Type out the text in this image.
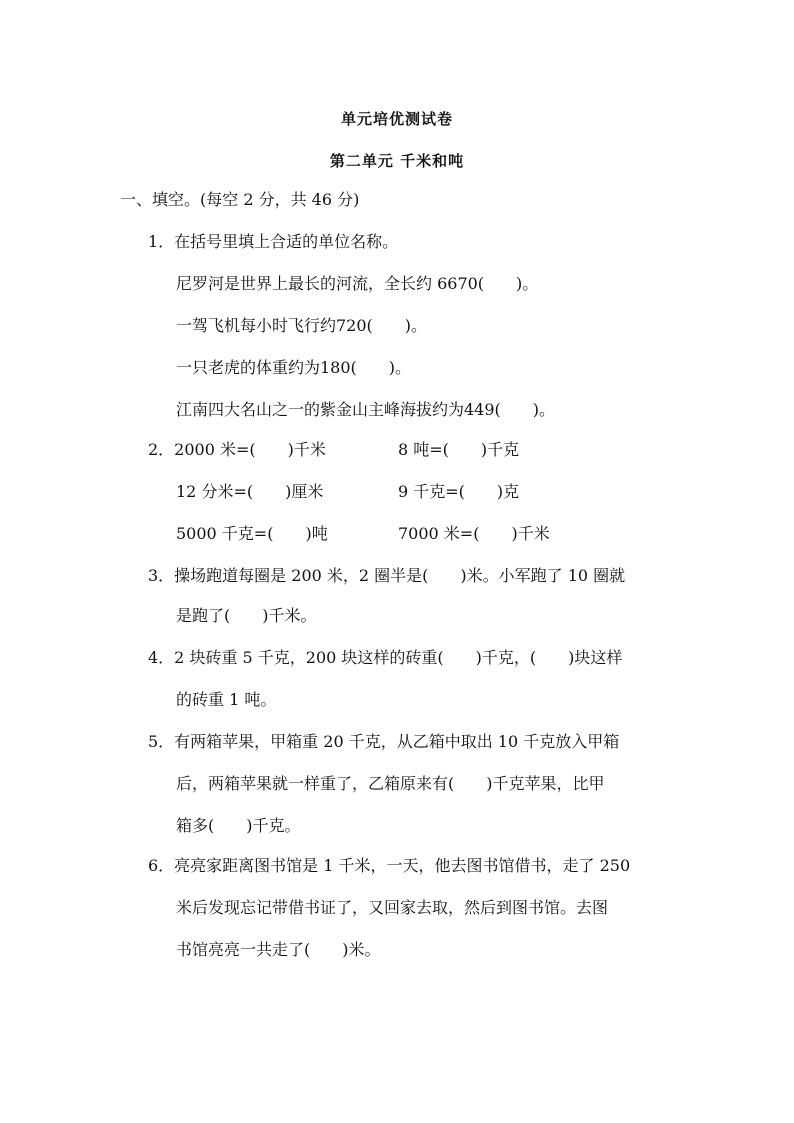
单元培优测试卷
第二单元 千米和吨
一、填空。(每空 2 分，共 46 分)
1．在括号里填上合适的单位名称。
尼罗河是世界上最长的河流，全长约 6670(　　)。
一驾飞机每小时飞行约720(　　)。
一只老虎的体重约为180(　　)。
江南四大名山之一的紫金山主峰海拔约为449(　　)。
2．2000 米=(　　)千米	8 吨=(　　)千克
12 分米=(　　)厘米	9 千克=(　　)克
5000 千克=(　　)吨	7000 米=(　　)千米
3．操场跑道每圈是 200 米，2 圈半是(　　)米。小军跑了 10 圈就
是跑了(　　)千米。
4．2 块砖重 5 千克，200 块这样的砖重(　　)千克，(　　)块这样
的砖重 1 吨。
5．有两箱苹果，甲箱重 20 千克，从乙箱中取出 10 千克放入甲箱
后，两箱苹果就一样重了，乙箱原来有(　　)千克苹果，比甲
箱多(　　)千克。
6．亮亮家距离图书馆是 1 千米，一天，他去图书馆借书，走了 250
米后发现忘记带借书证了，又回家去取，然后到图书馆。去图
书馆亮亮一共走了(　　)米。
